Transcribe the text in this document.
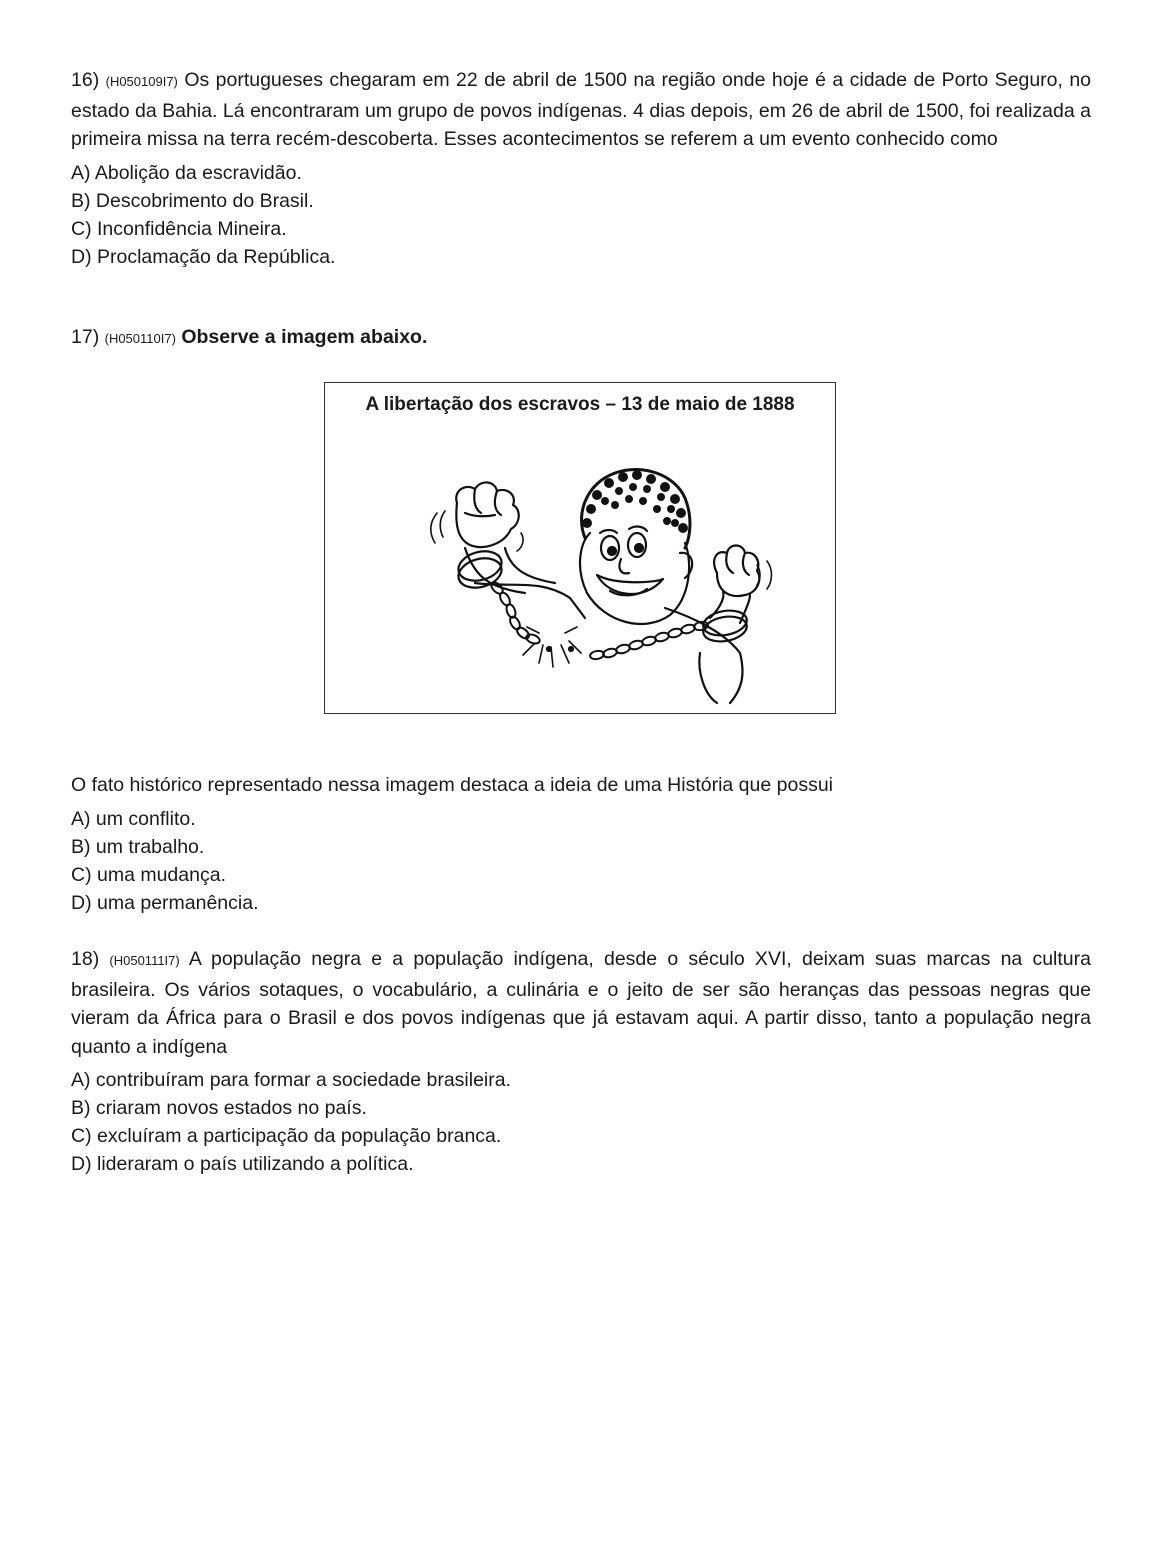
16) (H050109I7) Os portugueses chegaram em 22 de abril de 1500 na região onde hoje é a cidade de Porto Seguro, no estado da Bahia. Lá encontraram um grupo de povos indígenas. 4 dias depois, em 26 de abril de 1500, foi realizada a primeira missa na terra recém-descoberta. Esses acontecimentos se referem a um evento conhecido como

A) Abolição da escravidão.
B) Descobrimento do Brasil.
C) Inconfidência Mineira.
D) Proclamação da República.

17) (H050110I7) Observe a imagem abaixo.

A libertação dos escravos – 13 de maio de 1888

O fato histórico representado nessa imagem destaca a ideia de uma História que possui

A) um conflito.
B) um trabalho.
C) uma mudança.
D) uma permanência.

18) (H050111I7) A população negra e a população indígena, desde o século XVI, deixam suas marcas na cultura brasileira. Os vários sotaques, o vocabulário, a culinária e o jeito de ser são heranças das pessoas negras que vieram da África para o Brasil e dos povos indígenas que já estavam aqui. A partir disso, tanto a população negra quanto a indígena

A) contribuíram para formar a sociedade brasileira.
B) criaram novos estados no país.
C) excluíram a participação da população branca.
D) lideraram o país utilizando a política.
